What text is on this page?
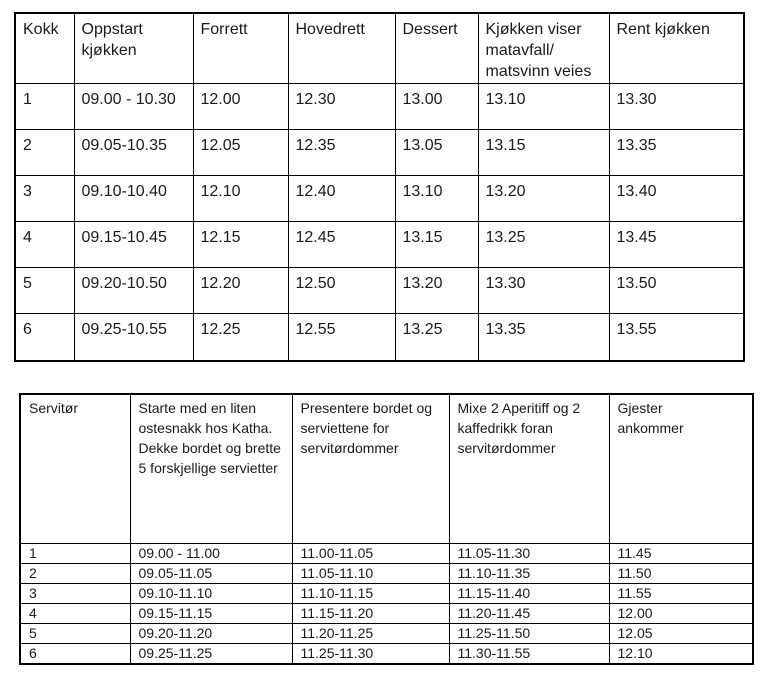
Kokk	Oppstart kjøkken	Forrett	Hovedrett	Dessert	Kjøkken viser matavfall/ matsvinn veies	Rent kjøkken
1	09.00 - 10.30	12.00	12.30	13.00	13.10	13.30
2	09.05-10.35	12.05	12.35	13.05	13.15	13.35
3	09.10-10.40	12.10	12.40	13.10	13.20	13.40
4	09.15-10.45	12.15	12.45	13.15	13.25	13.45
5	09.20-10.50	12.20	12.50	13.20	13.30	13.50
6	09.25-10.55	12.25	12.55	13.25	13.35	13.55
Servitør	Starte med en liten ostesnakk hos Katha. Dekke bordet og brette 5 forskjellige servietter	Presentere bordet og serviettene for servitørdommer	Mixe 2 Aperitiff og 2 kaffedrikk foran servitørdommer	Gjester ankommer
1	09.00 - 11.00	11.00-11.05	11.05-11.30	11.45
2	09.05-11.05	11.05-11.10	11.10-11.35	11.50
3	09.10-11.10	11.10-11.15	11.15-11.40	11.55
4	09.15-11.15	11.15-11.20	11.20-11.45	12.00
5	09.20-11.20	11.20-11.25	11.25-11.50	12.05
6	09.25-11.25	11.25-11.30	11.30-11.55	12.10
